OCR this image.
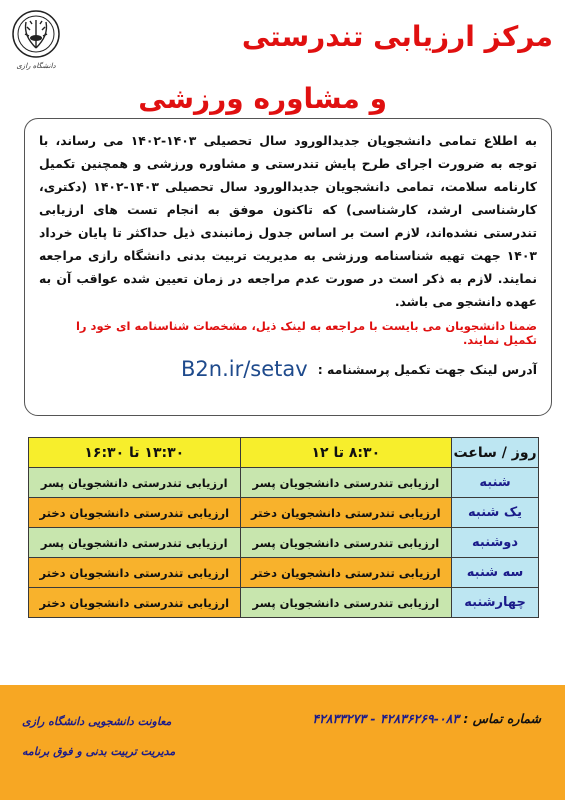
دانشگاه رازی
مرکز ارزیابی تندرستی
و مشاوره ورزشی

به اطلاع تمامی دانشجویان جدیدالورود سال تحصیلی ۱۴۰۳-۱۴۰۲ می رساند، با توجه به ضرورت اجرای طرح پایش تندرستی و مشاوره ورزشی و همچنین تکمیل کارنامه سلامت، تمامی دانشجویان جدیدالورود سال تحصیلی ۱۴۰۳-۱۴۰۲ (دکتری، کارشناسی ارشد، کارشناسی) که تاکنون موفق به انجام تست های ارزیابی تندرستی نشده‌اند، لازم است بر اساس جدول زمانبندی ذیل حداکثر تا پایان خرداد ۱۴۰۳ جهت تهیه شناسنامه ورزشی به مدیریت تربیت بدنی دانشگاه رازی مراجعه نمایند. لازم به ذکر است در صورت عدم مراجعه در زمان تعیین شده عواقب آن به عهده دانشجو می باشد.

ضمنا دانشجویان می بایست با مراجعه به لینک ذیل، مشخصات شناسنامه ای خود را تکمیل نمایند.

آدرس لینک جهت تکمیل پرسشنامه :
B2n.ir/setav
روز / ساعت	۸:۳۰ تا ۱۲	۱۳:۳۰ تا ۱۶:۳۰
شنبه	ارزیابی تندرستی دانشجویان پسر	ارزیابی تندرستی دانشجویان پسر
یک شنبه	ارزیابی تندرستی دانشجویان دختر	ارزیابی تندرستی دانشجویان دختر
دوشنبه	ارزیابی تندرستی دانشجویان پسر	ارزیابی تندرستی دانشجویان پسر
سه شنبه	ارزیابی تندرستی دانشجویان دختر	ارزیابی تندرستی دانشجویان دختر
چهارشنبه	ارزیابی تندرستی دانشجویان پسر	ارزیابی تندرستی دانشجویان دختر
شماره تماس : ۰۸۳-۴۲۸۳۶۲۶۹ - ۴۲۸۳۳۲۷۳
معاونت دانشجویی دانشگاه رازی
مدیریت تربیت بدنی و فوق برنامه
